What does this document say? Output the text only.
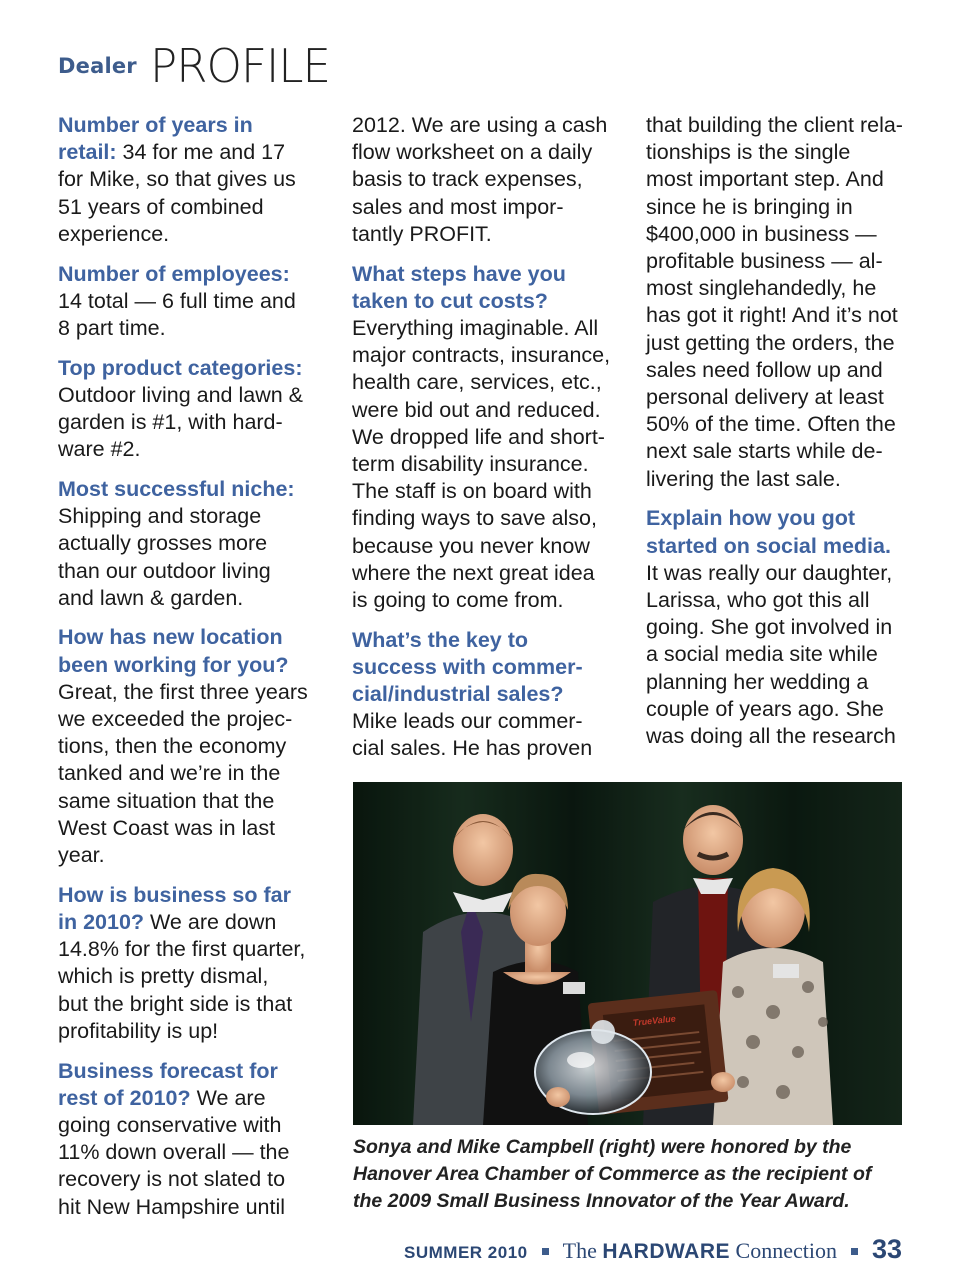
Dealer PROFILE

Number of years in
retail: 34 for me and 17
for Mike, so that gives us
51 years of combined
experience.

Number of employees:
14 total — 6 full time and
8 part time.

Top product categories:
Outdoor living and lawn &
garden is #1, with hard-
ware #2.

Most successful niche:
Shipping and storage
actually grosses more
than our outdoor living
and lawn & garden.

How has new location
been working for you?
Great, the first three years
we exceeded the projec-
tions, then the economy
tanked and we’re in the
same situation that the
West Coast was in last
year.

How is business so far
in 2010? We are down
14.8% for the first quarter,
which is pretty dismal,
but the bright side is that
profitability is up!

Business forecast for
rest of 2010? We are
going conservative with
11% down overall — the
recovery is not slated to
hit New Hampshire until

2012. We are using a cash
flow worksheet on a daily
basis to track expenses,
sales and most impor-
tantly PROFIT.

What steps have you
taken to cut costs?
Everything imaginable. All
major contracts, insurance,
health care, services, etc.,
were bid out and reduced.
We dropped life and short-
term disability insurance.
The staff is on board with
finding ways to save also,
because you never know
where the next great idea
is going to come from.

What’s the key to
success with commer-
cial/industrial sales?
Mike leads our commer-
cial sales. He has proven

that building the client rela-
tionships is the single
most important step. And
since he is bringing in
$400,000 in business —
profitable business — al-
most singlehandedly, he
has got it right! And it’s not
just getting the orders, the
sales need follow up and
personal delivery at least
50% of the time. Often the
next sale starts while de-
livering the last sale.

Explain how you got
started on social media.
It was really our daughter,
Larissa, who got this all
going. She got involved in
a social media site while
planning her wedding a
couple of years ago. She
was doing all the research

TrueValue
Sonya and Mike Campbell (right) were honored by the
Hanover Area Chamber of Commerce as the recipient of
the 2009 Small Business Innovator of the Year Award.
SUMMER 2010 The HARDWARE Connection 33
